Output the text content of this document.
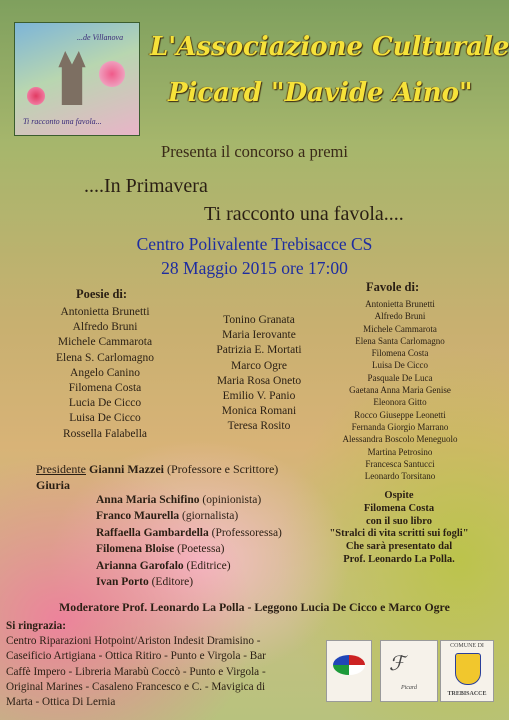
...de Villanova
Ti racconto una favola...
L'Associazione Culturale
Picard "Davide Aino"
Presenta il concorso a premi
....In Primavera
Ti racconto una favola....
Centro Polivalente Trebisacce CS
28 Maggio 2015 ore 17:00
Poesie di:
Antonietta Brunetti
Alfredo Bruni
Michele Cammarota
Elena S. Carlomagno
Angelo Canino
Filomena Costa
Lucia De Cicco
Luisa De Cicco
Rossella Falabella
Tonino Granata
Maria Ierovante
Patrizia E. Mortati
Marco Ogre
Maria Rosa Oneto
Emilio V. Panio
Monica Romani
Teresa Rosito
Favole di:
Antonietta Brunetti
Alfredo Bruni
Michele Cammarota
Elena Santa Carlomagno
Filomena Costa
Luisa De Cicco
Pasquale De Luca
Gaetana Anna Maria Genise
Eleonora Gitto
Rocco Giuseppe Leonetti
Fernanda Giorgio Marrano
Alessandra Boscolo Meneguolo
Martina Petrosino
Francesca Santucci
Leonardo Torsitano
Giuria
Presidente Gianni Mazzei (Professore e Scrittore)
Anna Maria Schifino (opinionista)
Franco Maurella (giornalista)
Raffaella Gambardella (Professoressa)
Filomena Bloise (Poetessa)
Arianna Garofalo (Editrice)
Ivan Porto (Editore)
Ospite
Filomena Costa
con il suo libro
"Stralci di vita scritti sui fogli"
Che sarà presentato dal
Prof. Leonardo La Polla.
Moderatore Prof. Leonardo La Polla - Leggono Lucia De Cicco e Marco Ogre
Si ringrazia:
Centro Riparazioni Hotpoint/Ariston Indesit Dramisino -
Caseificio Artigiana - Ottica Ritiro - Punto e Virgola - Bar
Caffè Impero - Libreria Marabù Coccò - Punto e Virgola -
Original Marines - Casaleno Francesco e C. - Mavigica di
Marta - Ottica Di Lernia
ℱ
Picard
COMUNE DI
TREBISACCE
